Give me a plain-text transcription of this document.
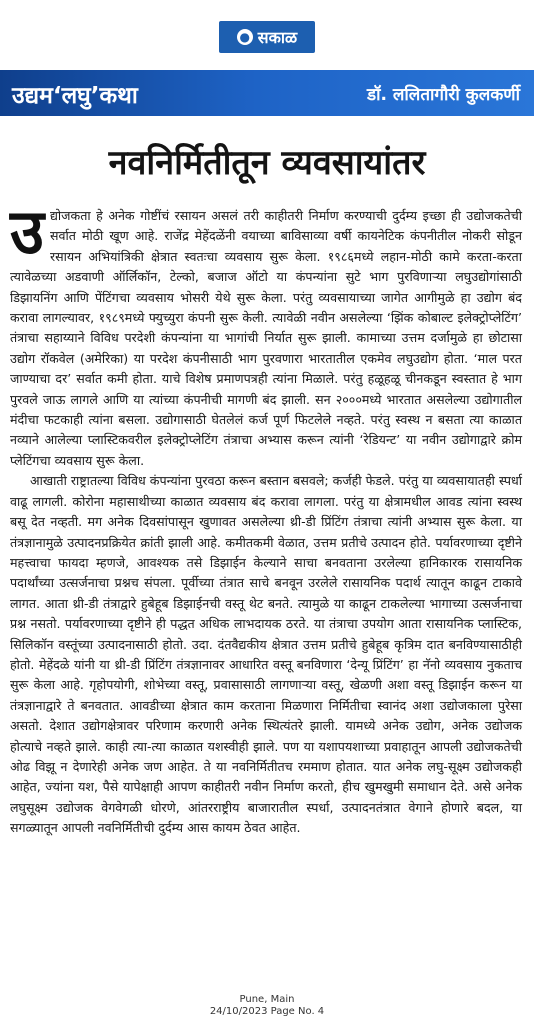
● सकाळ
उद्यम‘लघु’कथा	डॉ. ललितागौरी कुलकर्णी
नवनिर्मितीतून व्यवसायांतर
उ द्योजकता हे अनेक गोष्टींचं रसायन असलं तरी काहीतरी निर्माण करण्याची दुर्दम्य इच्छा ही उद्योजकतेची सर्वात मोठी खूण आहे. राजेंद्र मेहेंदळेंनी वयाच्या बाविसाव्या वर्षी कायनेटिक कंपनीतील नोकरी सोडून रसायन अभियांत्रिकी क्षेत्रात स्वतःचा व्यवसाय सुरू केला. १९८६मध्ये लहान-मोठी कामे करता-करता त्यावेळच्या अडवाणी ऑर्लिकॉन, टेल्को, बजाज ऑटो या कंपन्यांना सुटे भाग पुरविणाऱ्या लघुउद्योगांसाठी डिझायनिंग आणि पेंटिंगचा व्यवसाय भोसरी येथे सुरू केला. परंतु व्यवसायाच्या जागेत आगीमुळे हा उद्योग बंद करावा लागल्यावर, १९८९मध्ये फ्युच्युरा कंपनी सुरू केली. त्यावेळी नवीन असलेल्या ‘झिंक कोबाल्ट इलेक्ट्रोप्लेटिंग’ तंत्राचा सहाय्याने विविध परदेशी कंपन्यांना या भागांची निर्यात सुरू झाली. कामाच्या उत्तम दर्जामुळे हा छोटासा उद्योग रॉकवेल (अमेरिका) या परदेश कंपनीसाठी भाग पुरवणारा भारतातील एकमेव लघुउद्योग होता. ‘माल परत जाण्याचा दर’ सर्वात कमी होता. याचे विशेष प्रमाणपत्रही त्यांना मिळाले. परंतु हळूहळू चीनकडून स्वस्तात हे भाग पुरवले जाऊ लागले आणि या त्यांच्या कंपनीची मागणी बंद झाली. सन २०००मध्ये भारतात असलेल्या उद्योगातील मंदीचा फटकाही त्यांना बसला. उद्योगासाठी घेतलेलं कर्ज पूर्ण फिटलेले नव्हते. परंतु स्वस्थ न बसता त्या काळात नव्याने आलेल्या प्लास्टिकवरील इलेक्ट्रोप्लेटिंग तंत्राचा अभ्यास करून त्यांनी ‘रेडियन्ट’ या नवीन उद्योगाद्वारे क्रोम प्लेटिंगचा व्यवसाय सुरू केला.

आखाती राष्ट्रातल्या विविध कंपन्यांना पुरवठा करून बस्तान बसवले; कर्जही फेडले. परंतु या व्यवसायातही स्पर्धा वाढू लागली. कोरोना महासाथीच्या काळात व्यवसाय बंद करावा लागला. परंतु या क्षेत्रामधील आवड त्यांना स्वस्थ बसू देत नव्हती. मग अनेक दिवसांपासून खुणावत असलेल्या थ्री-डी प्रिंटिंग तंत्राचा त्यांनी अभ्यास सुरू केला. या तंत्रज्ञानामुळे उत्पादनप्रक्रियेत क्रांती झाली आहे. कमीतकमी वेळात, उत्तम प्रतीचे उत्पादन होते. पर्यावरणाच्या दृष्टीने महत्त्वाचा फायदा म्हणजे, आवश्यक तसे डिझाईन केल्याने साचा बनवताना उरलेल्या हानिकारक रासायनिक पदार्थांच्या उत्सर्जनाचा प्रश्नच संपला. पूर्वीच्या तंत्रात साचे बनवून उरलेले रासायनिक पदार्थ त्यातून काढून टाकावे लागत. आता थ्री-डी तंत्राद्वारे हुबेहूब डिझाईनची वस्तू थेट बनते. त्यामुळे या काढून टाकलेल्या भागाच्या उत्सर्जनाचा प्रश्न नसतो. पर्यावरणाच्या दृष्टीने ही पद्धत अधिक लाभदायक ठरते. या तंत्राचा उपयोग आता रासायनिक प्लास्टिक, सिलिकॉन वस्तूंच्या उत्पादनासाठी होतो. उदा. दंतवैद्यकीय क्षेत्रात उत्तम प्रतीचे हुबेहूब कृत्रिम दात बनविण्यासाठीही होतो. मेहेंदळे यांनी या थ्री-डी प्रिंटिंग तंत्रज्ञानावर आधारित वस्तू बनविणारा ‘देन्यू प्रिंटिंग’ हा नॅनो व्यवसाय नुकताच सुरू केला आहे. गृहोपयोगी, शोभेच्या वस्तू, प्रवासासाठी लागणाऱ्या वस्तू, खेळणी अशा वस्तू डिझाईन करून या तंत्रज्ञानाद्वारे ते बनवतात. आवडीच्या क्षेत्रात काम करताना मिळणारा निर्मितीचा स्वानंद अशा उद्योजकाला पुरेसा असतो. देशात उद्योगक्षेत्रावर परिणाम करणारी अनेक स्थित्यंतरे झाली. यामध्ये अनेक उद्योग, अनेक उद्योजक होत्याचे नव्हते झाले. काही त्या-त्या काळात यशस्वीही झाले. पण या यशापयशाच्या प्रवाहातून आपली उद्योजकतेची ओढ विझू न देणारेही अनेक जण आहेत. ते या नवनिर्मितीतच रममाण होतात. यात अनेक लघु-सूक्ष्म उद्योजकही आहेत, ज्यांना यश, पैसे यापेक्षाही आपण काहीतरी नवीन निर्माण करतो, हीच खुमखुमी समाधान देते. असे अनेक लघुसूक्ष्म उद्योजक वेगवेगळी धोरणे, आंतरराष्ट्रीय बाजारातील स्पर्धा, उत्पादनतंत्रात वेगाने होणारे बदल, या सगळ्यातून आपली नवनिर्मितीची दुर्दम्य आस कायम ठेवत आहेत.

Pune, Main
24/10/2023 Page No. 4
